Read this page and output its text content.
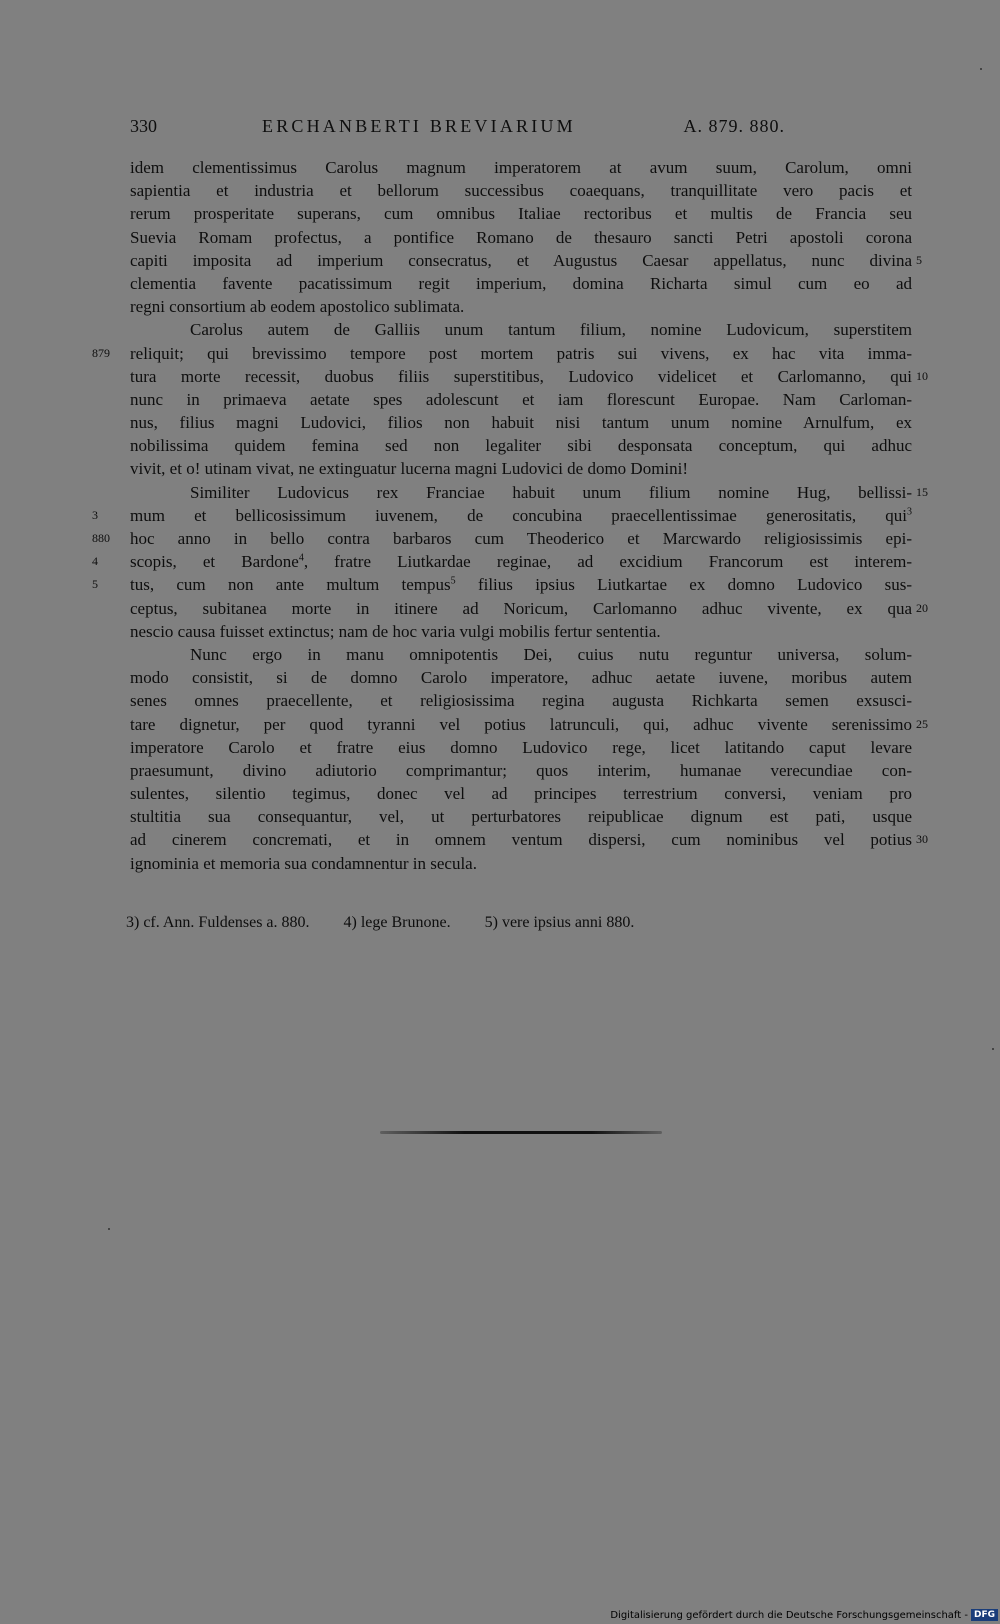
330	ERCHANBERTI BREVIARIUM	A. 879. 880.
idem clementissimus Carolus magnum imperatorem at avum suum, Carolum, omni
sapientia et industria et bellorum successibus coaequans, tranquillitate vero pacis et
rerum prosperitate superans, cum omnibus Italiae rectoribus et multis de Francia seu
Suevia Romam profectus, a pontifice Romano de thesauro sancti Petri apostoli corona
capiti imposita ad imperium consecratus, et Augustus Caesar appellatus, nunc divina 5
clementia favente pacatissimum regit imperium, domina Richarta simul cum eo ad
regni consortium ab eodem apostolico sublimata.
Carolus autem de Galliis unum tantum filium, nomine Ludovicum, superstitem
reliquit; qui brevissimo tempore post mortem patris sui vivens, ex hac vita imma-
879
tura morte recessit, duobus filiis superstitibus, Ludovico videlicet et Carlomanno, qui 10
nunc in primaeva aetate spes adolescunt et iam florescunt Europae. Nam Carloman-
nus, filius magni Ludovici, filios non habuit nisi tantum unum nomine Arnulfum, ex
nobilissima quidem femina sed non legaliter sibi desponsata conceptum, qui adhuc
vivit, et o! utinam vivat, ne extinguatur lucerna magni Ludovici de domo Domini!
Similiter Ludovicus rex Franciae habuit unum filium nomine Hug, bellissi- 15
mum et bellicosissimum iuvenem, de concubina praecellentissimae generositatis, qui$^3$
3
hoc anno in bello contra barbaros cum Theoderico et Marcwardo religiosissimis epi-
880
scopis, et Bardone$^4$, fratre Liutkardae reginae, ad excidium Francorum est interem-
4
tus, cum non ante multum tempus$^5$ filius ipsius Liutkartae ex domno Ludovico sus-
5
ceptus, subitanea morte in itinere ad Noricum, Carlomanno adhuc vivente, ex qua 20
nescio causa fuisset extinctus; nam de hoc varia vulgi mobilis fertur sententia.
Nunc ergo in manu omnipotentis Dei, cuius nutu reguntur universa, solum-
modo consistit, si de domno Carolo imperatore, adhuc aetate iuvene, moribus autem
senes omnes praecellente, et religiosissima regina augusta Richkarta semen exsusci-
tare dignetur, per quod tyranni vel potius latrunculi, qui, adhuc vivente serenissimo 25
imperatore Carolo et fratre eius domno Ludovico rege, licet latitando caput levare
praesumunt, divino adiutorio comprimantur; quos interim, humanae verecundiae con-
sulentes, silentio tegimus, donec vel ad principes terrestrium conversi, veniam pro
stultitia sua consequantur, vel, ut perturbatores reipublicae dignum est pati, usque
ad cinerem concremati, et in omnem ventum dispersi, cum nominibus vel potius 30
ignominia et memoria sua condamnentur in secula.
3) cf. Ann. Fuldenses a. 880. 4) lege Brunone. 5) vere ipsius anni 880.
Digitalisierung gefördert durch die Deutsche Forschungsgemeinschaft - DFG
